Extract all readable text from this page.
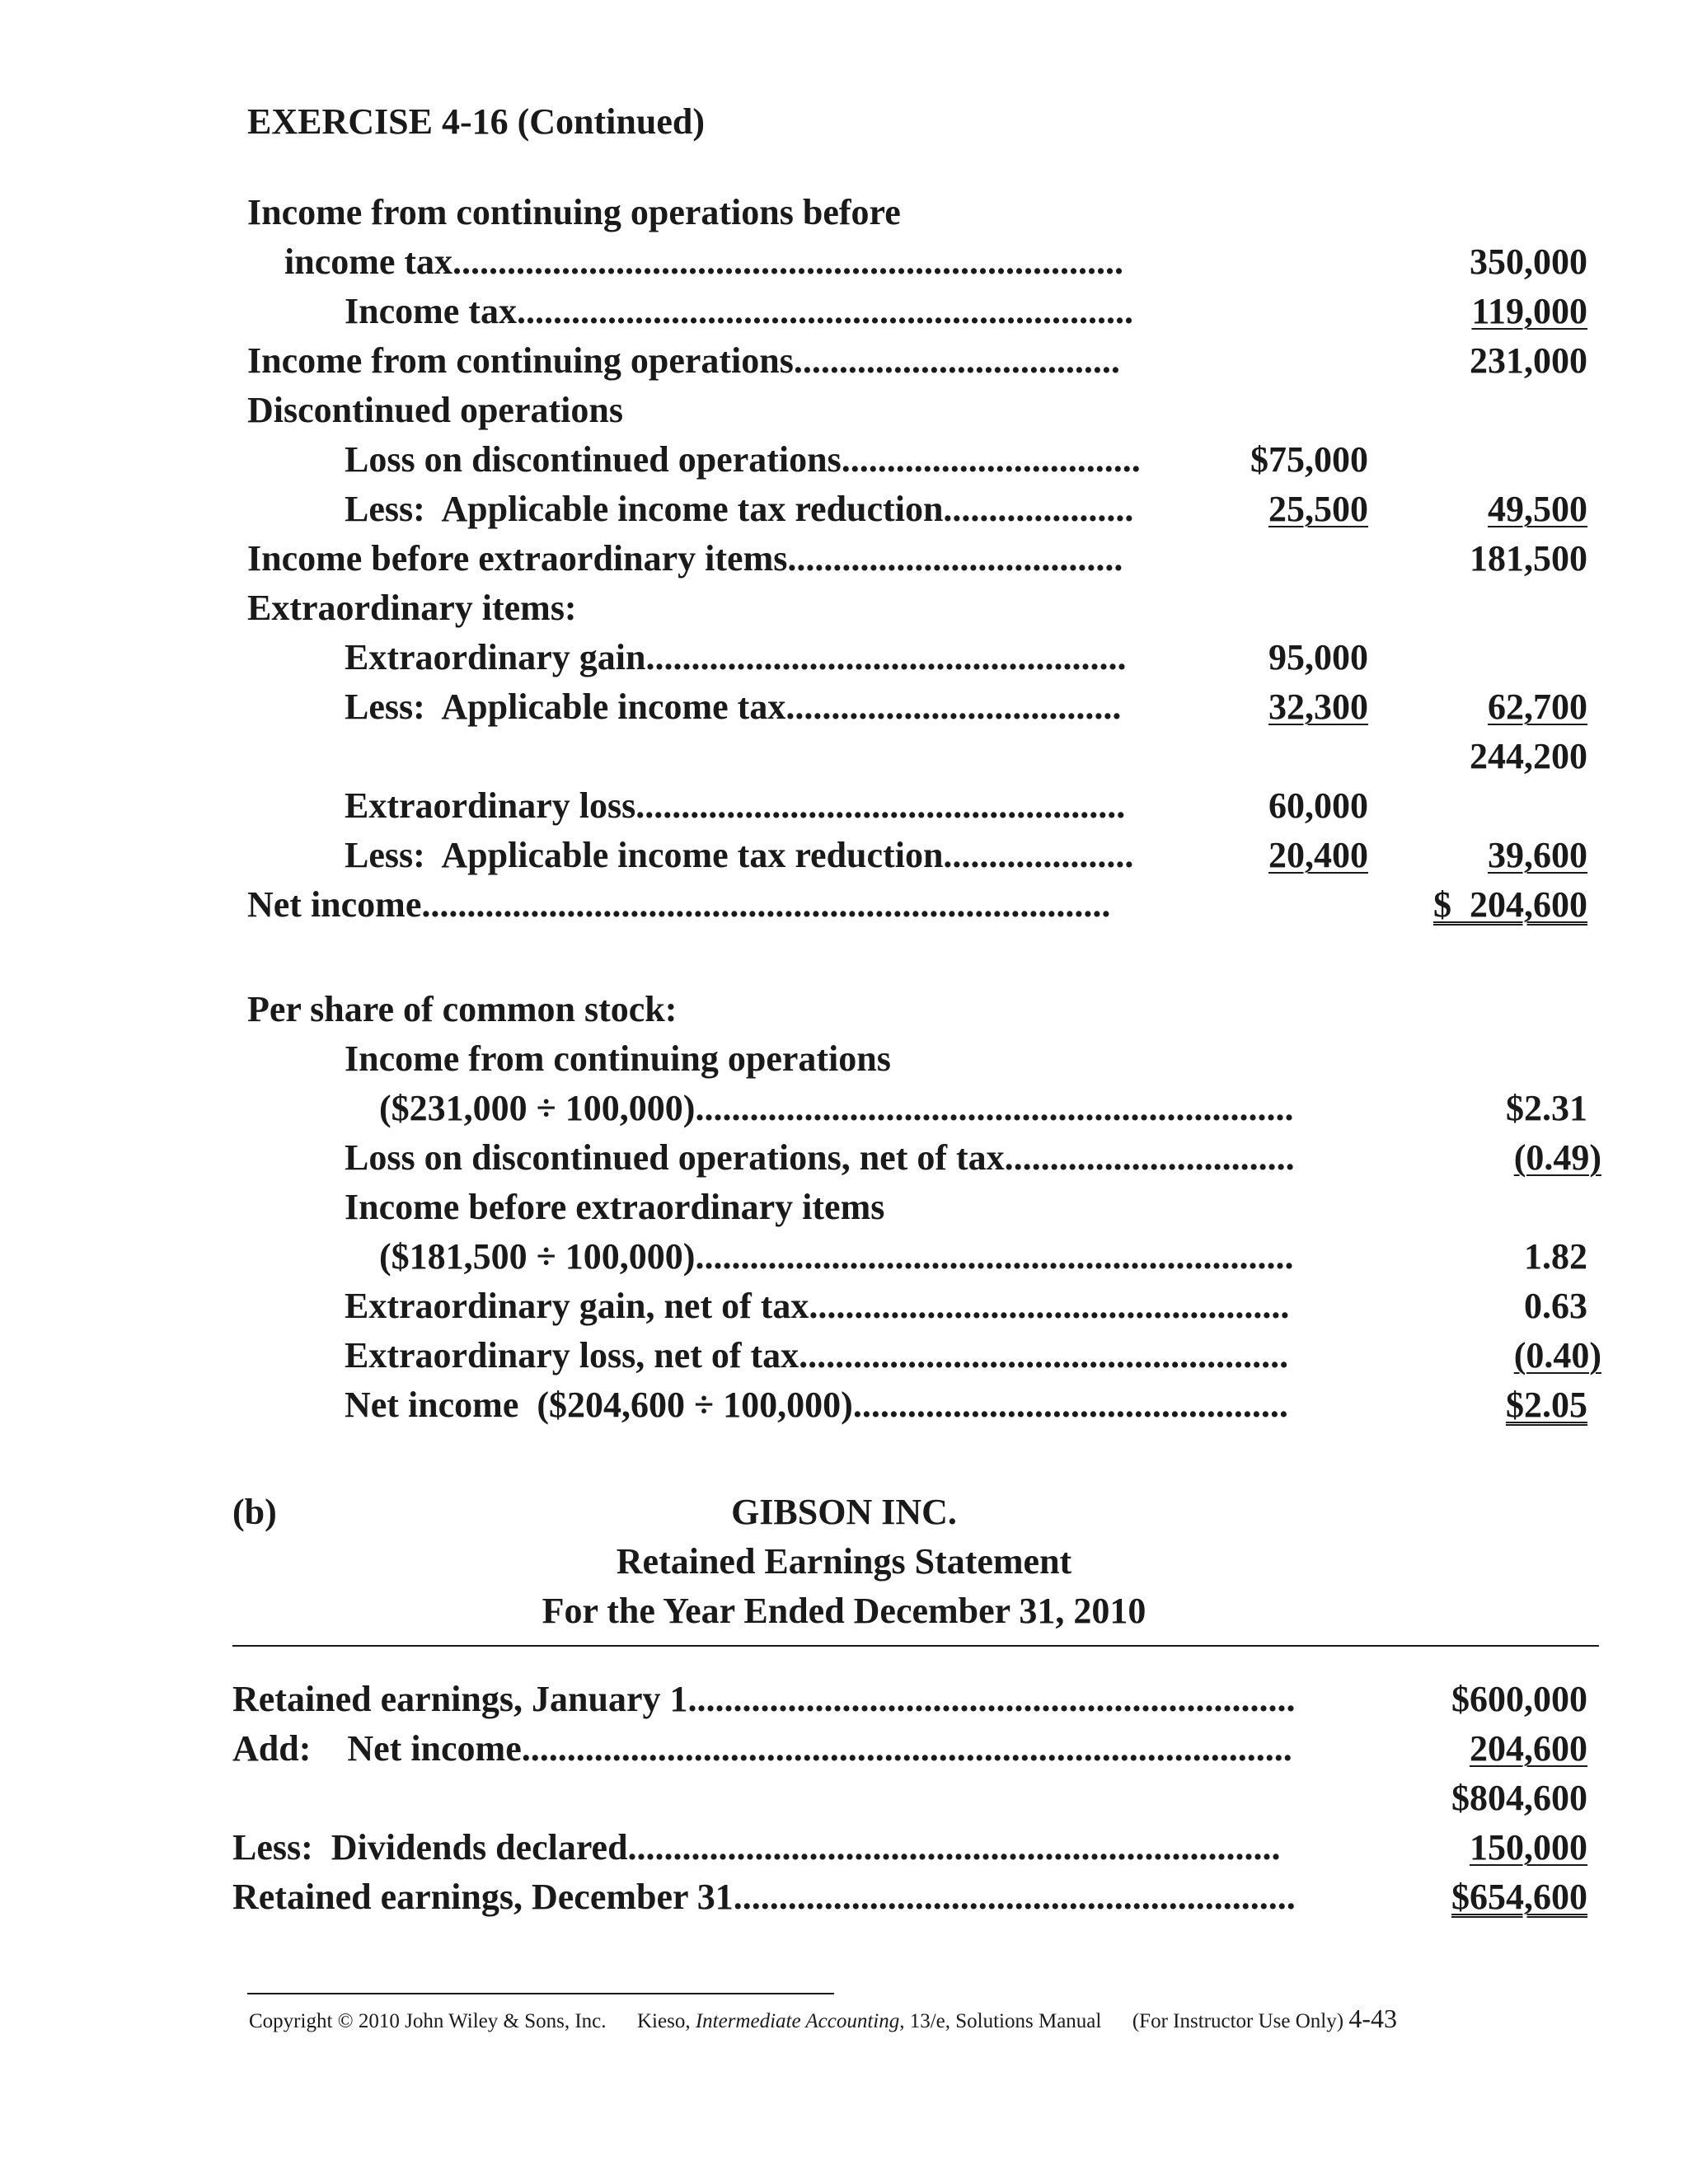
EXERCISE 4-16 (Continued)
Income from continuing operations before
income tax..........................................................................	350,000
Income tax....................................................................	119,000
Income from continuing operations....................................	231,000
Discontinued operations
Loss on discontinued operations.................................	$75,000
Less:  Applicable income tax reduction.....................	25,500	49,500
Income before extraordinary items.....................................	181,500
Extraordinary items:
Extraordinary gain.....................................................	95,000
Less:  Applicable income tax.....................................	32,300	62,700
244,200
Extraordinary loss......................................................	60,000
Less:  Applicable income tax reduction.....................	20,400	39,600
Net income............................................................................	$  204,600
Per share of common stock:
Income from continuing operations
($231,000 ÷ 100,000)..................................................................	$2.31
Loss on discontinued operations, net of tax................................	(0.49)
Income before extraordinary items
($181,500 ÷ 100,000)..................................................................	1.82
Extraordinary gain, net of tax.....................................................	0.63
Extraordinary loss, net of tax......................................................	(0.40)
Net income  ($204,600 ÷ 100,000)................................................	$2.05
(b)	GIBSON INC.
Retained Earnings Statement
For the Year Ended December 31, 2010
Retained earnings, January 1...................................................................	$600,000
Add:    Net income.....................................................................................	204,600
$804,600
Less:  Dividends declared........................................................................	150,000
Retained earnings, December 31..............................................................	$654,600
Copyright © 2010 John Wiley & Sons, Inc. Kieso, Intermediate Accounting, 13/e, Solutions Manual (For Instructor Use Only) 4-43
